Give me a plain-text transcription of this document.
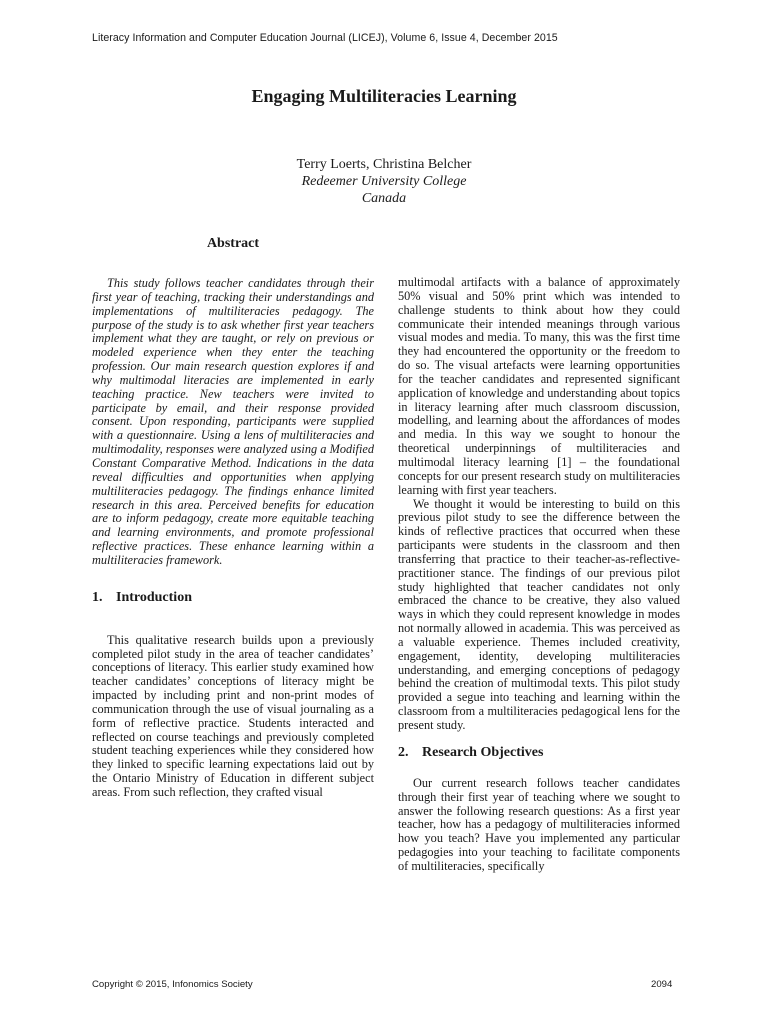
Literacy Information and Computer Education Journal (LICEJ), Volume 6, Issue 4, December 2015
Engaging Multiliteracies Learning
Terry Loerts, Christina Belcher
Redeemer University College
Canada
Abstract

This study follows teacher candidates through their first year of teaching, tracking their understandings and implementations of multiliteracies pedagogy. The purpose of the study is to ask whether first year teachers implement what they are taught, or rely on previous or modeled experience when they enter the teaching profession. Our main research question explores if and why multimodal literacies are implemented in early teaching practice. New teachers were invited to participate by email, and their response provided consent. Upon responding, participants were supplied with a questionnaire. Using a lens of multiliteracies and multimodality, responses were analyzed using a Modified Constant Comparative Method. Indications in the data reveal difficulties and opportunities when applying multiliteracies pedagogy. The findings enhance limited research in this area. Perceived benefits for education are to inform pedagogy, create more equitable teaching and learning environments, and promote professional reflective practices. These enhance learning within a multiliteracies framework.

1. Introduction

This qualitative research builds upon a previously completed pilot study in the area of teacher candidates’ conceptions of literacy. This earlier study examined how teacher candidates’ conceptions of literacy might be impacted by including print and non-print modes of communication through the use of visual journaling as a form of reflective practice. Students interacted and reflected on course teachings and previously completed student teaching experiences while they considered how they linked to specific learning expectations laid out by the Ontario Ministry of Education in different subject areas. From such reflection, they crafted visual

multimodal artifacts with a balance of approximately 50% visual and 50% print which was intended to challenge students to think about how they could communicate their intended meanings through various visual modes and media. To many, this was the first time they had encountered the opportunity or the freedom to do so. The visual artefacts were learning opportunities for the teacher candidates and represented significant application of knowledge and understanding about topics in literacy learning after much classroom discussion, modelling, and learning about the affordances of modes and media. In this way we sought to honour the theoretical underpinnings of multiliteracies and multimodal literacy learning [1] – the foundational concepts for our present research study on multiliteracies learning with first year teachers.

We thought it would be interesting to build on this previous pilot study to see the difference between the kinds of reflective practices that occurred when these participants were students in the classroom and then transferring that practice to their teacher-as-reflective-practitioner stance. The findings of our previous pilot study highlighted that teacher candidates not only embraced the chance to be creative, they also valued ways in which they could represent knowledge in modes not normally allowed in academia. This was perceived as a valuable experience. Themes included creativity, engagement, identity, developing multiliteracies understanding, and emerging conceptions of pedagogy behind the creation of multimodal texts. This pilot study provided a segue into teaching and learning within the classroom from a multiliteracies pedagogical lens for the present study.

2. Research Objectives

Our current research follows teacher candidates through their first year of teaching where we sought to answer the following research questions: As a first year teacher, how has a pedagogy of multiliteracies informed how you teach? Have you implemented any particular pedagogies into your teaching to facilitate components of multiliteracies, specifically

Copyright © 2015, Infonomics Society	2094
